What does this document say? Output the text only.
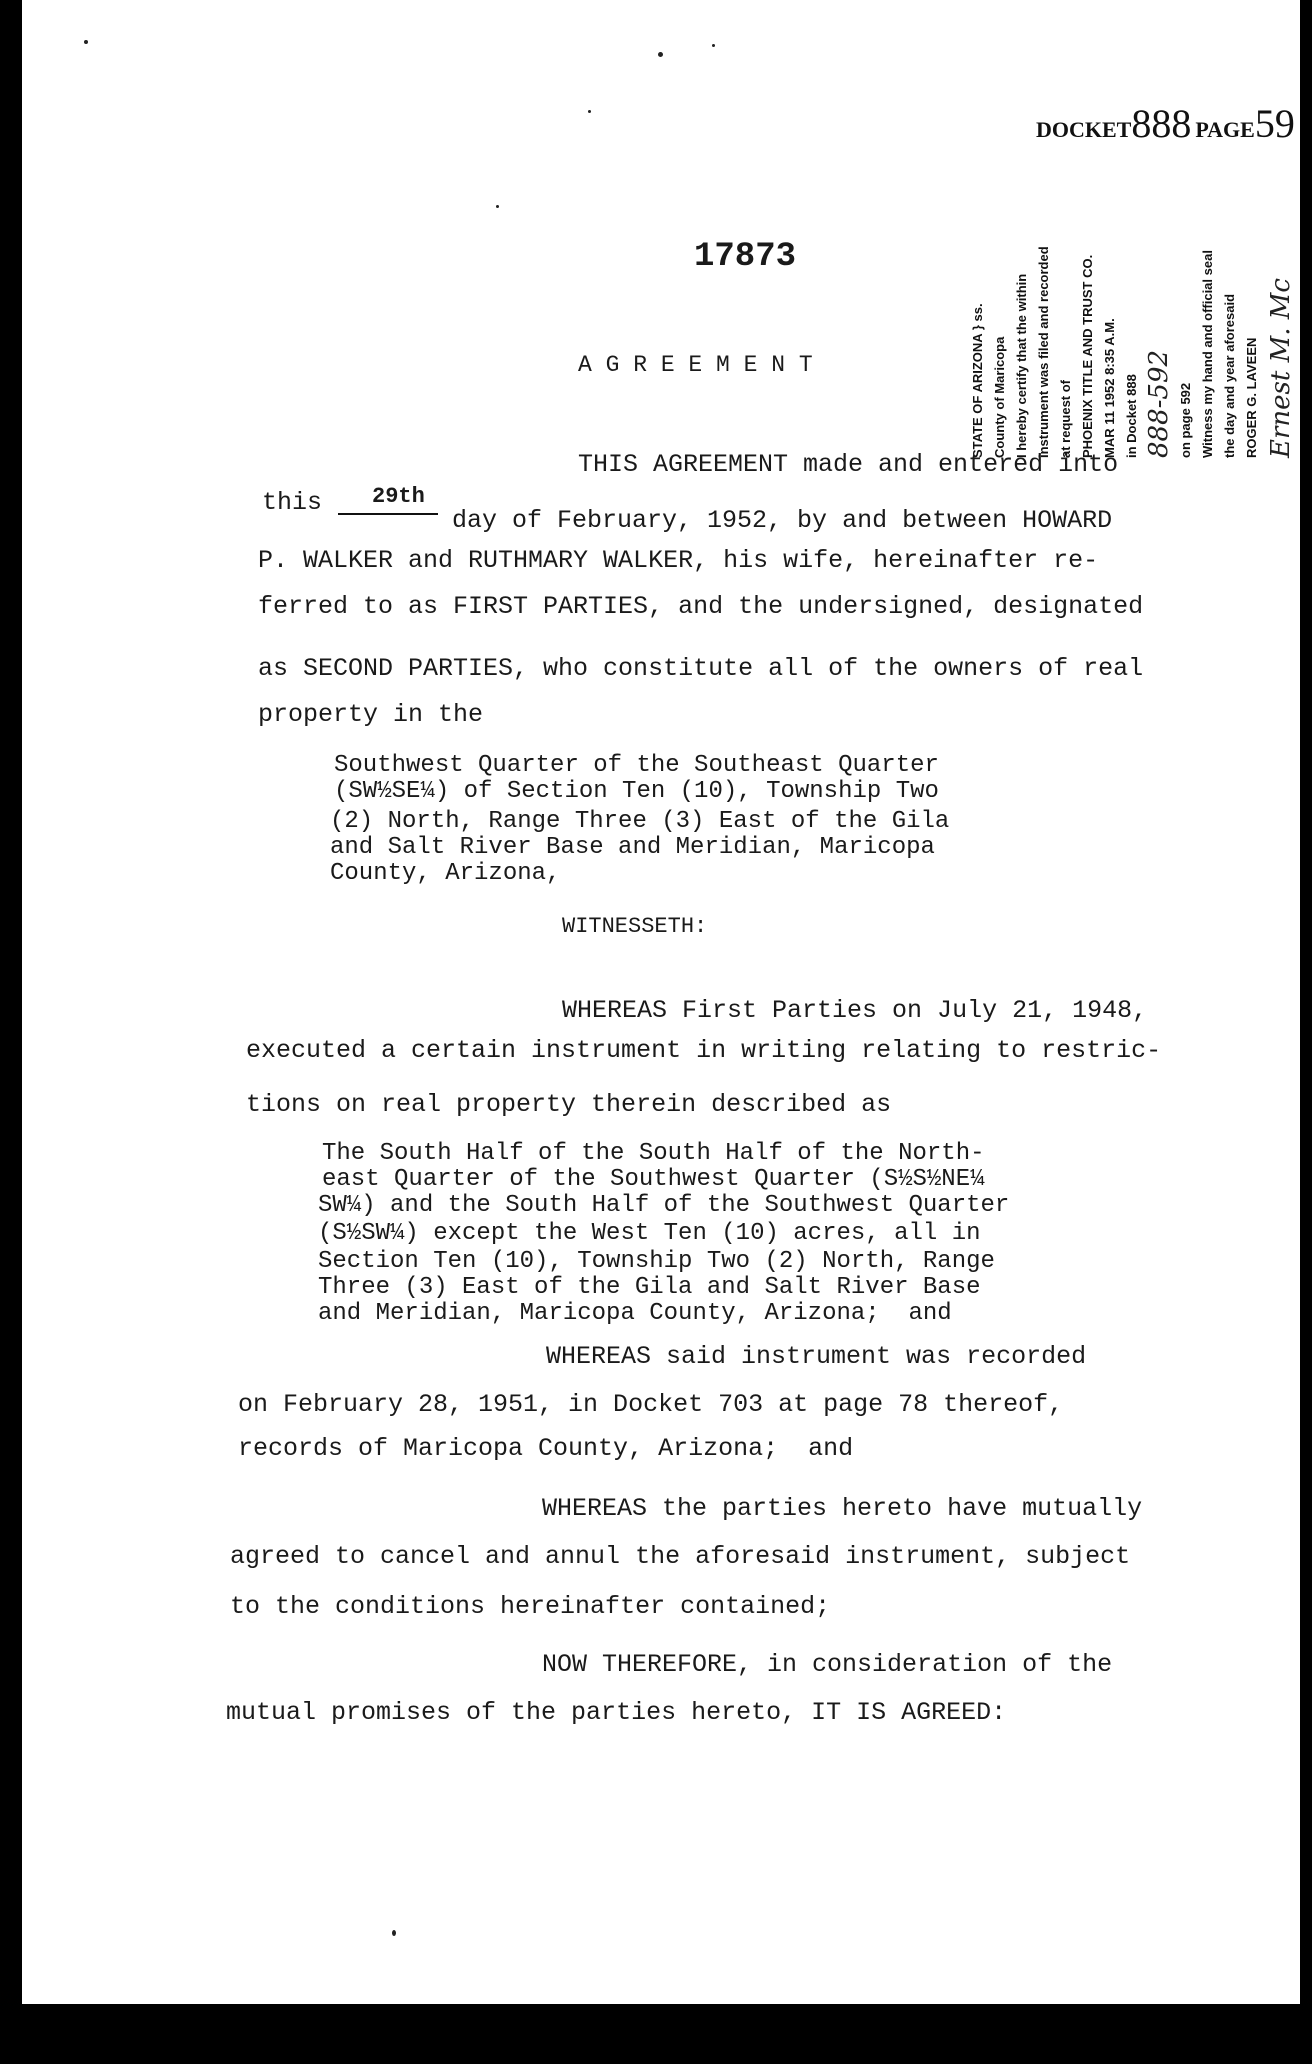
DOCKET888 PAGE59

STATE OF ARIZONA } ss. County of Maricopa I hereby certify that the within instrument was filed and recorded at request of PHOENIX TITLE AND TRUST CO. MAR 11 1952 8:35 A.M. in Docket 888 888-592 on page 592 Witness my hand and official seal the day and year aforesaid ROGER G. LAVEEN Ernest M. Mc
17873
A G R E E M E N T
THIS AGREEMENT made and entered into
this 29th
day of February, 1952, by and between HOWARD
P. WALKER and RUTHMARY WALKER, his wife, hereinafter re-
ferred to as FIRST PARTIES, and the undersigned, designated
as SECOND PARTIES, who constitute all of the owners of real
property in the
Southwest Quarter of the Southeast Quarter
(SW½SE¼) of Section Ten (10), Township Two
(2) North, Range Three (3) East of the Gila
and Salt River Base and Meridian, Maricopa
County, Arizona,
WITNESSETH:
WHEREAS First Parties on July 21, 1948,
executed a certain instrument in writing relating to restric-
tions on real property therein described as
The South Half of the South Half of the North-
east Quarter of the Southwest Quarter (S½S½NE¼
SW¼) and the South Half of the Southwest Quarter
(S½SW¼) except the West Ten (10) acres, all in
Section Ten (10), Township Two (2) North, Range
Three (3) East of the Gila and Salt River Base
and Meridian, Maricopa County, Arizona;  and
WHEREAS said instrument was recorded
on February 28, 1951, in Docket 703 at page 78 thereof,
records of Maricopa County, Arizona;  and
WHEREAS the parties hereto have mutually
agreed to cancel and annul the aforesaid instrument, subject
to the conditions hereinafter contained;
NOW THEREFORE, in consideration of the
mutual promises of the parties hereto, IT IS AGREED:
